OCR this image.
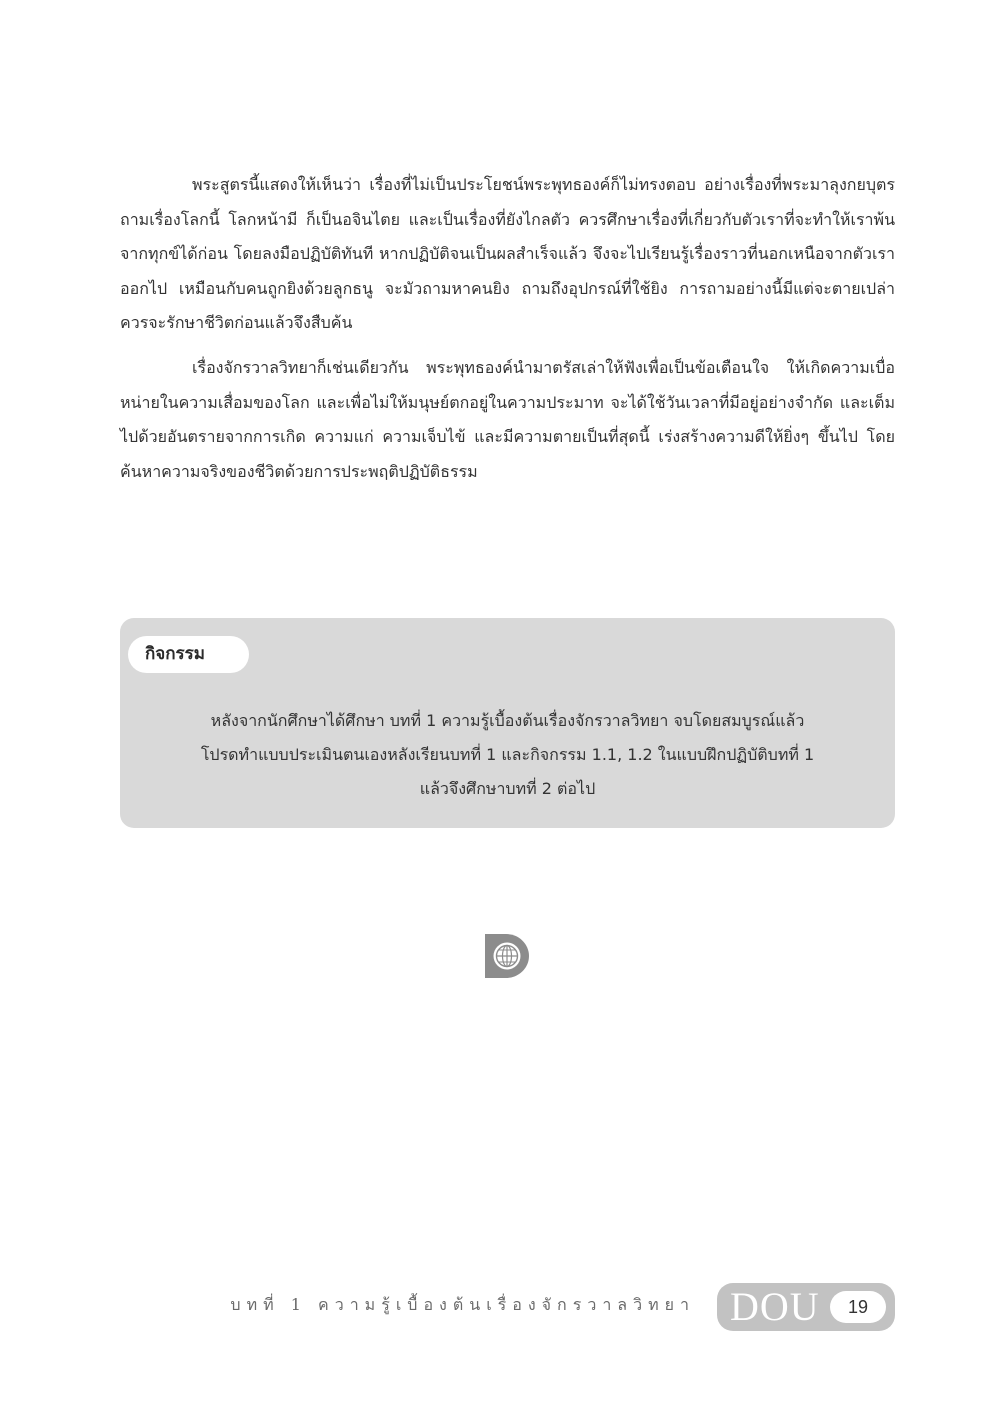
พระสูตรนี้แสดงให้เห็นว่า เรื่องที่ไม่เป็นประโยชน์พระพุทธองค์ก็ไม่ทรงตอบ อย่างเรื่องที่พระมาลุงกยบุตร ถามเรื่องโลกนี้ โลกหน้ามี ก็เป็นอจินไตย และเป็นเรื่องที่ยังไกลตัว ควรศึกษาเรื่องที่เกี่ยวกับตัวเราที่จะทำให้เราพ้นจากทุกข์ได้ก่อน โดยลงมือปฏิบัติทันที หากปฏิบัติจนเป็นผลสำเร็จแล้ว จึงจะไปเรียนรู้เรื่องราวที่นอกเหนือจากตัวเราออกไป เหมือนกับคนถูกยิงด้วยลูกธนู จะมัวถามหาคนยิง ถามถึงอุปกรณ์ที่ใช้ยิง การถามอย่างนี้มีแต่จะตายเปล่า ควรจะรักษาชีวิตก่อนแล้วจึงสืบค้น

เรื่องจักรวาลวิทยาก็เช่นเดียวกัน พระพุทธองค์นำมาตรัสเล่าให้ฟังเพื่อเป็นข้อเตือนใจ ให้เกิดความเบื่อหน่ายในความเสื่อมของโลก และเพื่อไม่ให้มนุษย์ตกอยู่ในความประมาท จะได้ใช้วันเวลาที่มีอยู่อย่างจำกัด และเต็มไปด้วยอันตรายจากการเกิด ความแก่ ความเจ็บไข้ และมีความตายเป็นที่สุดนี้ เร่งสร้างความดีให้ยิ่งๆ ขึ้นไป โดยค้นหาความจริงของชีวิตด้วยการประพฤติปฏิบัติธรรม

กิจกรรม

หลังจากนักศึกษาได้ศึกษา บทที่ 1 ความรู้เบื้องต้นเรื่องจักรวาลวิทยา จบโดยสมบูรณ์แล้ว
โปรดทำแบบประเมินตนเองหลังเรียนบทที่ 1 และกิจกรรม 1.1, 1.2 ในแบบฝึกปฏิบัติบทที่ 1
แล้วจึงศึกษาบทที่ 2 ต่อไป

บทที่ 1 ความรู้เบื้องต้นเรื่องจักรวาลวิทยา DOU	19
